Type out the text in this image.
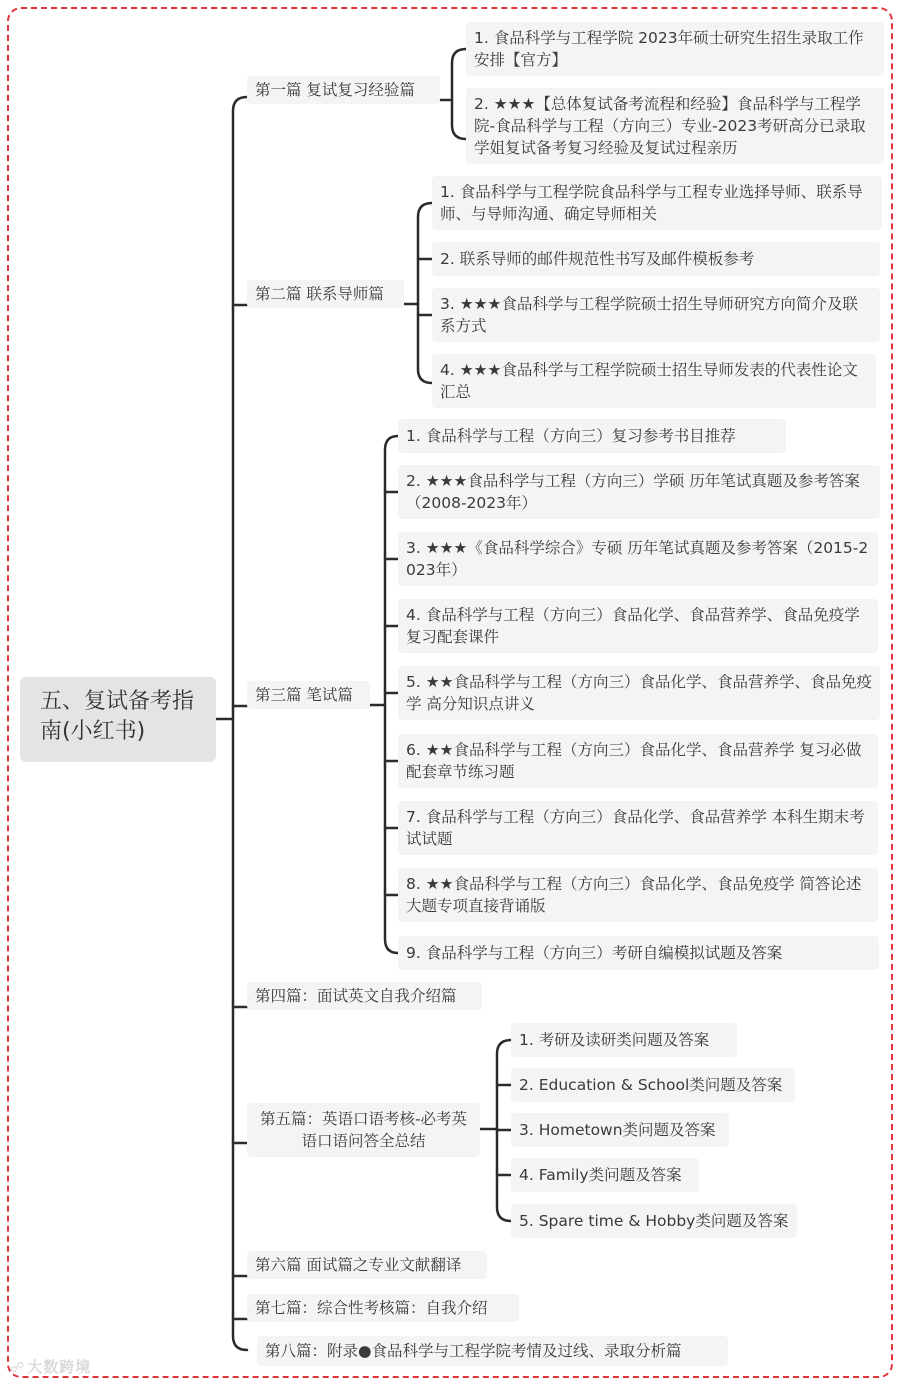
五、复试备考指南(小红书)
第一篇 复试复习经验篇
第二篇 联系导师篇
第三篇 笔试篇
第四篇：面试英文自我介绍篇
第五篇：英语口语考核-必考英语口语问答全总结
第六篇 面试篇之专业文献翻译
第七篇：综合性考核篇：自我介绍
第八篇：附录●食品科学与工程学院考情及过线、录取分析篇
1. 食品科学与工程学院 2023年硕士研究生招生录取工作安排【官方】
2. ★★★【总体复试备考流程和经验】食品科学与工程学院-食品科学与工程（方向三）专业-2023考研高分已录取学姐复试备考复习经验及复试过程亲历
1. 食品科学与工程学院食品科学与工程专业选择导师、联系导师、与导师沟通、确定导师相关
2. 联系导师的邮件规范性书写及邮件模板参考
3. ★★★食品科学与工程学院硕士招生导师研究方向简介及联系方式
4. ★★★食品科学与工程学院硕士招生导师发表的代表性论文汇总
1. 食品科学与工程（方向三）复习参考书目推荐
2. ★★★食品科学与工程（方向三）学硕 历年笔试真题及参考答案（2008-2023年）
3. ★★★《食品科学综合》专硕 历年笔试真题及参考答案（2015-2023年）
4. 食品科学与工程（方向三）食品化学、食品营养学、食品免疫学 复习配套课件
5. ★★食品科学与工程（方向三）食品化学、食品营养学、食品免疫学 高分知识点讲义
6. ★★食品科学与工程（方向三）食品化学、食品营养学 复习必做配套章节练习题
7. 食品科学与工程（方向三）食品化学、食品营养学 本科生期末考试试题
8. ★★食品科学与工程（方向三）食品化学、食品免疫学 简答论述大题专项直接背诵版
9. 食品科学与工程（方向三）考研自编模拟试题及答案
1. 考研及读研类问题及答案
2. Education & School类问题及答案
3. Hometown类问题及答案
4. Family类问题及答案
5. Spare time & Hobby类问题及答案
☍ 大数跨境
